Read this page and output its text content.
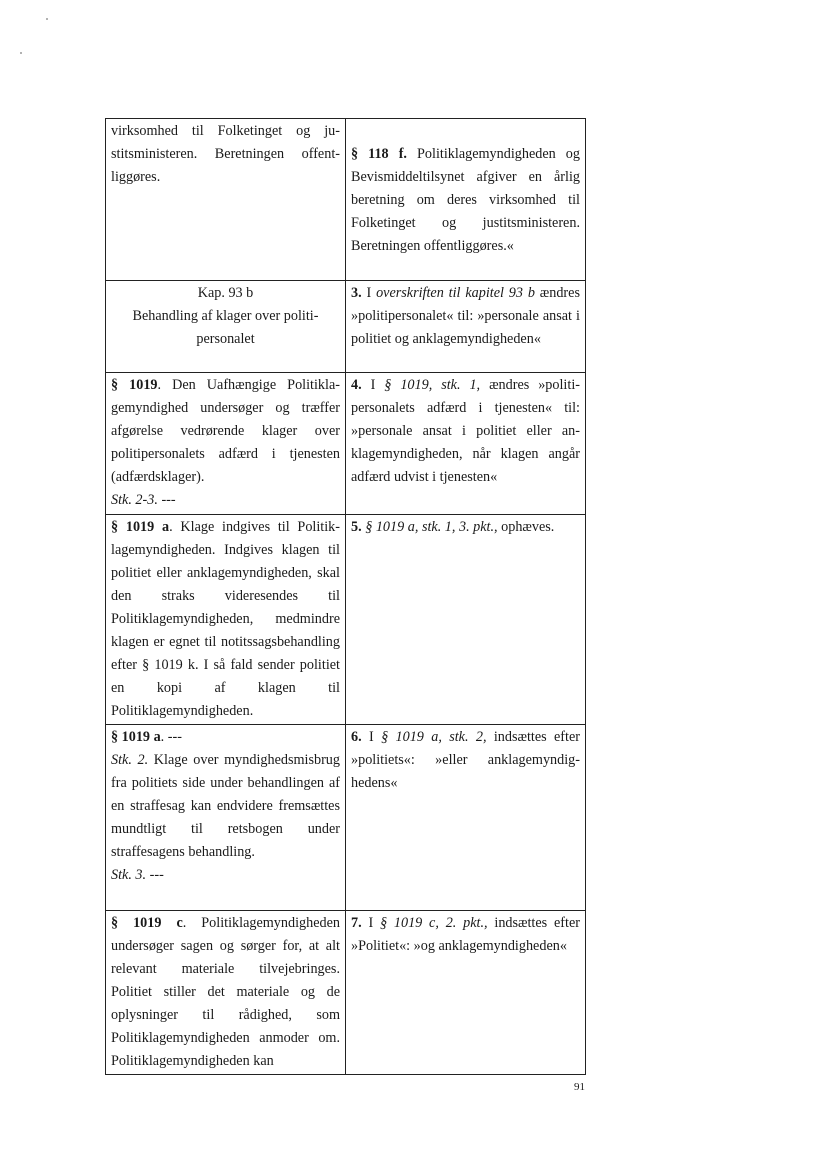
virksomhed til Folketinget og justitsministeren. Beretningen offentliggøres.	§ 118 f. Politiklagemyndigheden og Bevismiddeltilsynet afgiver en årlig beretning om deres virksomhed til Folketinget og justitsministeren. Beretningen offentliggøres.«

Kap. 93 b
Behandling af klager over politipersonalet	3. I overskriften til kapitel 93 b ændres »politipersonalet« til: »personale ansat i politiet og anklagemyndigheden«
§ 1019. Den Uafhængige Politiklagemyndighed undersøger og træffer afgørelse vedrørende klager over politipersonalets adfærd i tjenesten (adfærdsklager).
Stk. 2-3. ---	4. I § 1019, stk. 1, ændres »politipersonalets adfærd i tjenesten« til: »personale ansat i politiet eller anklagemyndigheden, når klagen angår adfærd udvist i tjenesten«
§ 1019 a. Klage indgives til Politiklagemyndigheden. Indgives klagen til politiet eller anklagemyndigheden, skal den straks videresendes til Politiklagemyndigheden, medmindre klagen er egnet til notitssagsbehandling efter § 1019 k. I så fald sender politiet en kopi af klagen til Politiklagemyndigheden.	5. § 1019 a, stk. 1, 3. pkt., ophæves.
§ 1019 a. ---
Stk. 2. Klage over myndighedsmisbrug fra politiets side under behandlingen af en straffesag kan endvidere fremsættes mundtligt til retsbogen under straffesagens behandling.
Stk. 3. ---	6. I § 1019 a, stk. 2, indsættes efter »politiets«: »eller anklagemyndighedens«
§ 1019 c. Politiklagemyndigheden undersøger sagen og sørger for, at alt relevant materiale tilvejebringes. Politiet stiller det materiale og de oplysninger til rådighed, som Politiklagemyndigheden anmoder om. Politiklagemyndigheden kan	7. I § 1019 c, 2. pkt., indsættes efter »Politiet«: »og anklagemyndigheden«
91
